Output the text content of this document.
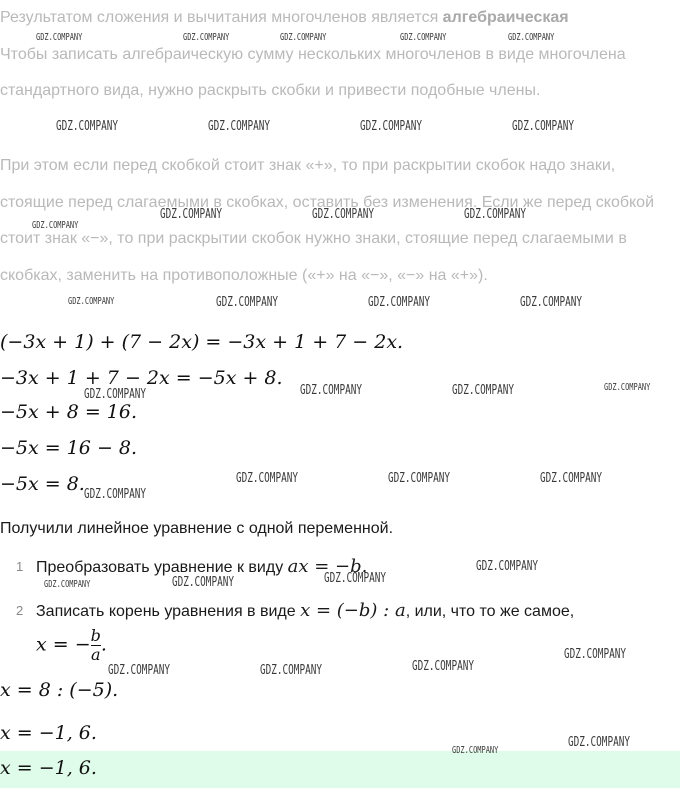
Результатом сложения и вычитания многочленов является алгебраическая
Чтобы записать алгебраическую сумму нескольких многочленов в виде многочлена стандартного вида, нужно раскрыть скобки и привести подобные члены.
При этом если перед скобкой стоит знак «+», то при раскрытии скобок надо знаки, стоящие перед слагаемыми в скобках, оставить без изменения. Если же перед скобкой стоит знак «−», то при раскрытии скобок нужно знаки, стоящие перед слагаемыми в скобках, заменить на противоположные («+» на «−», «−» на «+»).
(−3x + 1) + (7 − 2x) = −3x + 1 + 7 − 2x.
−3x + 1 + 7 − 2x = −5x + 8.
−5x + 8 = 16.
−5x = 16 − 8.
−5x = 8.
Получили линейное уравнение с одной переменной.
1 Преобразовать уравнение к виду ax = −b.
2 Записать корень уравнения в виде x = (−b) : a, или, что то же самое,
x = − $\frac{b}{a}$ .
x = 8 : (−5).
x = −1, 6.
x = −1, 6.
GDZ.COMPANY	GDZ.COMPANY	GDZ.COMPANY	GDZ.COMPANY	GDZ.COMPANY
GDZ.COMPANY	GDZ.COMPANY	GDZ.COMPANY	GDZ.COMPANY
GDZ.COMPANY
GDZ.COMPANY	GDZ.COMPANY	GDZ.COMPANY
GDZ.COMPANY	GDZ.COMPANY	GDZ.COMPANY	GDZ.COMPANY
GDZ.COMPANY	GDZ.COMPANY	GDZ.COMPANY	GDZ.COMPANY
GDZ.COMPANY
GDZ.COMPANY	GDZ.COMPANY	GDZ.COMPANY
GDZ.COMPANY
GDZ.COMPANY	GDZ.COMPANY	GDZ.COMPANY
GDZ.COMPANY	GDZ.COMPANY	GDZ.COMPANY
GDZ.COMPANY
GDZ.COMPANY
GDZ.COMPANY
